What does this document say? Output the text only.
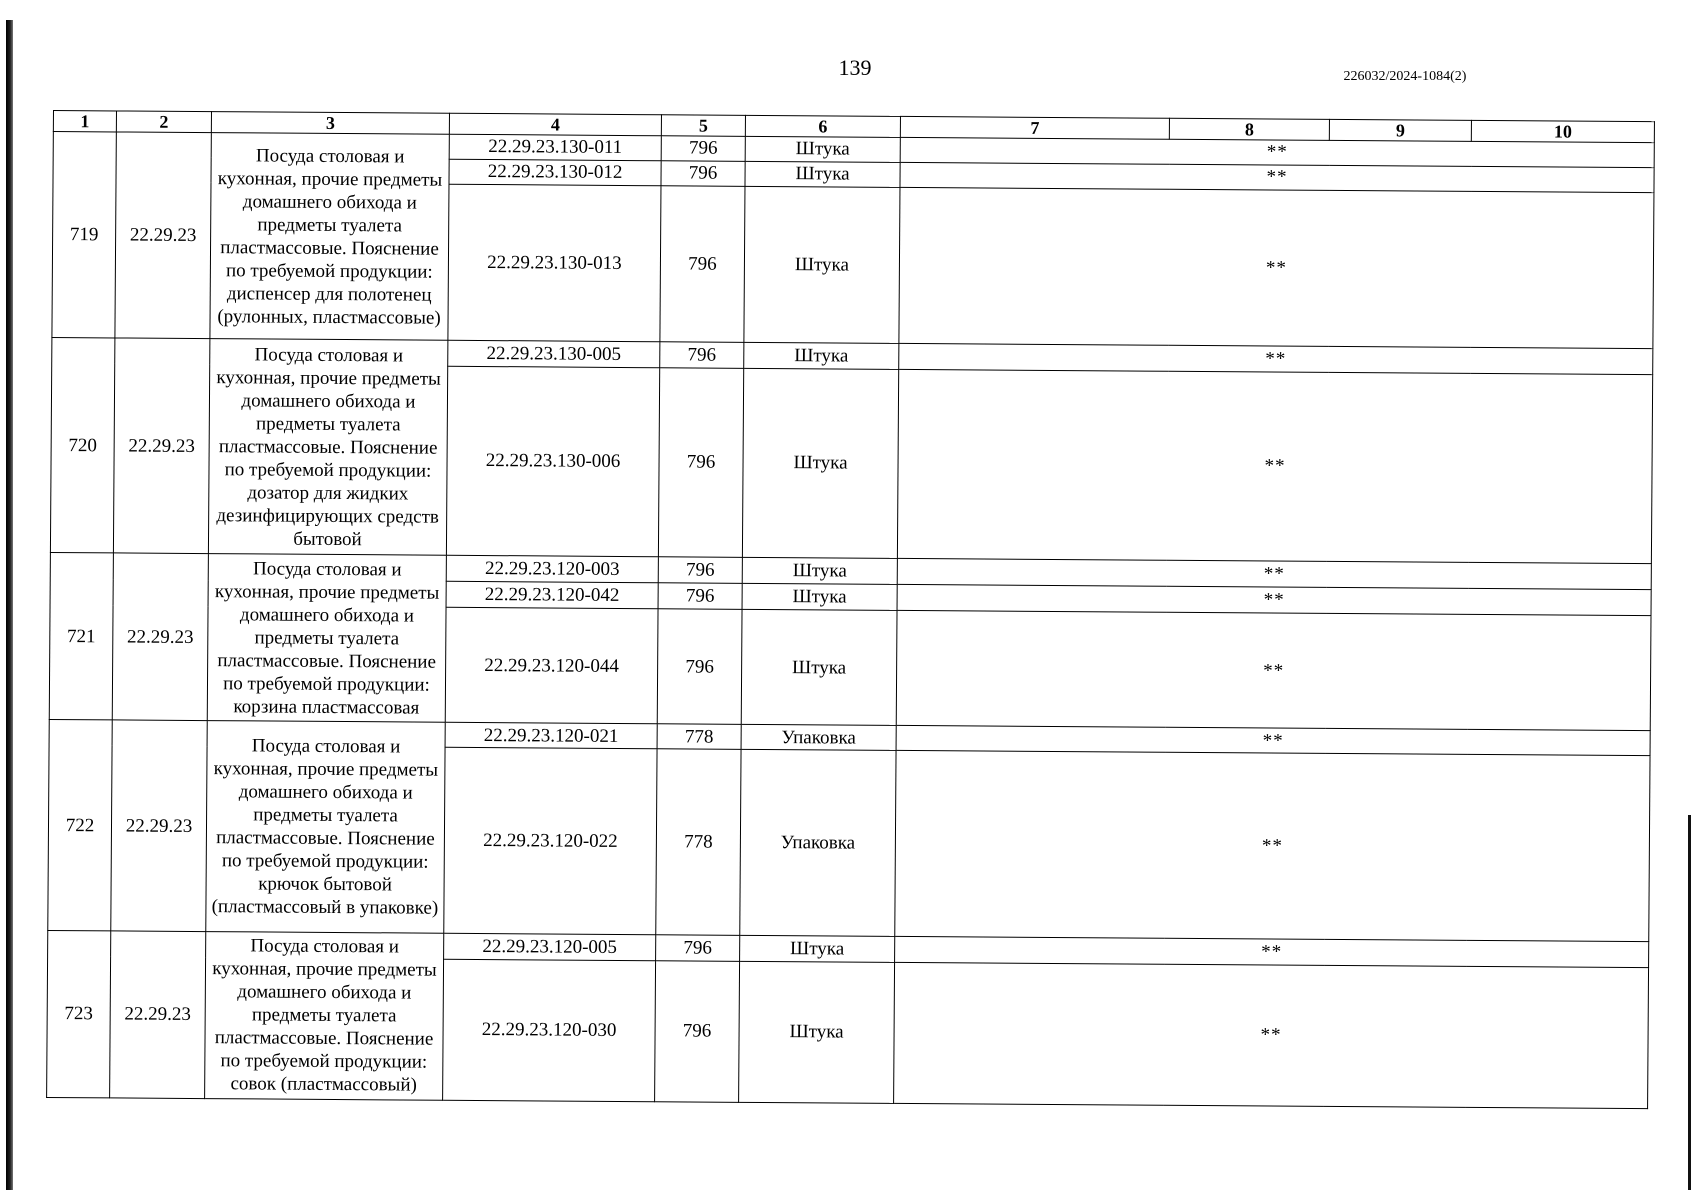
139	226032/2024-1084(2)
1	2	3	4	5	6	7	8	9	10
719	22.29.23	Посуда столовая и кухонная, прочие предметы домашнего обихода и предметы туалета пластмассовые. Пояснение по требуемой продукции: диспенсер для полотенец (рулонных, пластмассовые)	22.29.23.130-011	796	Штука	**			
			22.29.23.130-012	796	Штука	**			
			22.29.23.130-013	796	Штука	**			
720	22.29.23	Посуда столовая и кухонная, прочие предметы домашнего обихода и предметы туалета пластмассовые. Пояснение по требуемой продукции: дозатор для жидких дезинфицирующих средств бытовой	22.29.23.130-005	796	Штука	**			
			22.29.23.130-006	796	Штука	**			
721	22.29.23	Посуда столовая и кухонная, прочие предметы домашнего обихода и предметы туалета пластмассовые. Пояснение по требуемой продукции: корзина пластмассовая	22.29.23.120-003	796	Штука	**			
			22.29.23.120-042	796	Штука	**			
			22.29.23.120-044	796	Штука	**			
722	22.29.23	Посуда столовая и кухонная, прочие предметы домашнего обихода и предметы туалета пластмассовые. Пояснение по требуемой продукции: крючок бытовой (пластмассовый в упаковке)	22.29.23.120-021	778	Упаковка	**			
			22.29.23.120-022	778	Упаковка	**			
723	22.29.23	Посуда столовая и кухонная, прочие предметы домашнего обихода и предметы туалета пластмассовые. Пояснение по требуемой продукции: совок (пластмассовый)	22.29.23.120-005	796	Штука	**			
			22.29.23.120-030	796	Штука	**			
